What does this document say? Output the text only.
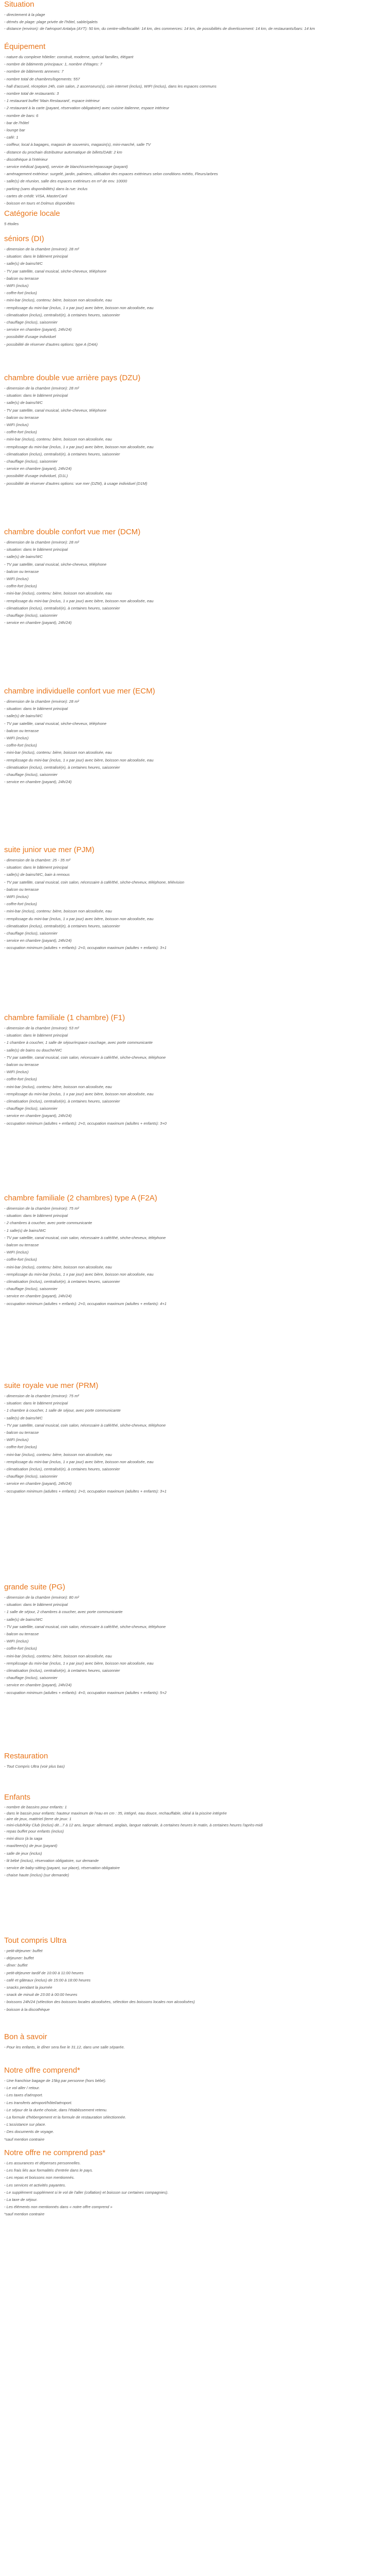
Situation
- directement à la plage
- démés de plage: plage privée de l'hôtel, sable/galets
- distance (environ): de l'aéroport Antalya (AYT): 50 km, du centre-ville/localité: 14 km, des commerces: 14 km, de possibilités de divertissement: 14 km, de restaurants/bars: 14 km
Équipement
- nature du complexe hôtelier: construit, moderne, spécial familles, élégant
- nombre de bâtiments principaux: 1, nombre d'étages: 7
- nombre de bâtiments annexes: 7
- nombre total de chambres/logements: 557
- hall d'accueil, réception 24h, coin salon, 2 ascenseurs(s), coin internet (inclus), WIFI (inclus), dans les espaces communs
- nombre total de restaurants: 3
- 1 restaurant buffet 'Main Restaurant', espace intérieur
- 2 restaurant à la carte (payant, réservation obligatoire) avec cuisine italienne, espace intérieur
- nombre de bars: 6
- bar de l'hôtel
- lounge bar
- café: 1
- coiffeur, local à bagages, magasin de souvenirs, magasin(s), mini-marché, salle TV
- distance du prochain distributeur automatique de billets/DAB: 2 km
- discothèque à l'intérieur
- service médical (payant), service de blanchisserie/repassage (payant)
- aménagement extérieur: surgelé, jardin, palmiers, utilisation des espaces extérieurs selon conditions météo, Fleurs/arbres
- salle(s) de réunion, salle des espaces extérieurs en m² de env. 10000
- parking (sans disponibilités) dans la rue: inclus
- cartes de crédit: VISA, MasterCard
- boisson en tours et Dolmus disponibles
Catégorie locale
5 étoiles
séniors (DI)
- dimension de la chambre (environ): 28 m²
- situation: dans le bâtiment principal
- salle(s) de bains/WC
- TV par satellite, canal musical, sèche-cheveux, téléphone
- balcon ou terrasse
- WIFI (inclus)
- coffre-fort (inclus)
- mini-bar (inclus), contenu: bière, boisson non alcoolisée, eau
- remplissage du mini-bar (inclus, 1 x par jour) avec bière, boisson non alcoolisée, eau
- climatisation (inclus), centralisé(e), à certaines heures, saisonnier
- chauffage (inclus), saisonnier
- service en chambre (payant), 24h/24)
- possibilité d'usage individuel
- possibilité de réserver d'autres options: type A (D4A)
chambre double vue arrière pays (DZU)
- dimension de la chambre (environ): 28 m²
- situation: dans le bâtiment principal
- salle(s) de bains/WC
- TV par satellite, canal musical, sèche-cheveux, téléphone
- balcon ou terrasse
- WIFI (inclus)
- coffre-fort (inclus)
- mini-bar (inclus), contenu: bière, boisson non alcoolisée, eau
- remplissage du mini-bar (inclus, 1 x par jour) avec bière, boisson non alcoolisée, eau
- climatisation (inclus), centralisé(e), à certaines heures, saisonnier
- chauffage (inclus), saisonnier
- service en chambre (payant), 24h/24)
- possibilité d'usage individuel, (D1L)
- possibilité de réserver d'autres options: vue mer (DZM), à usage individuel (D1M)
chambre double confort vue mer (DCM)
- dimension de la chambre (environ): 28 m²
- situation: dans le bâtiment principal
- salle(s) de bains/WC
- TV par satellite, canal musical, sèche-cheveux, téléphone
- balcon ou terrasse
- WIFI (inclus)
- coffre-fort (inclus)
- mini-bar (inclus), contenu: bière, boisson non alcoolisée, eau
- remplissage du mini-bar (inclus, 1 x par jour) avec bière, boisson non alcoolisée, eau
- climatisation (inclus), centralisé(e), à certaines heures, saisonnier
- chauffage (inclus), saisonnier
- service en chambre (payant), 24h/24)
chambre individuelle confort vue mer (ECM)
- dimension de la chambre (environ): 28 m²
- situation: dans le bâtiment principal
- salle(s) de bains/WC
- TV par satellite, canal musical, sèche-cheveux, téléphone
- balcon ou terrasse
- WIFI (inclus)
- coffre-fort (inclus)
- mini-bar (inclus), contenu: bière, boisson non alcoolisée, eau
- remplissage du mini-bar (inclus, 1 x par jour) avec bière, boisson non alcoolisée, eau
- climatisation (inclus), centralisé(e), à certaines heures, saisonnier
- chauffage (inclus), saisonnier
- service en chambre (payant), 24h/24)
suite junior vue mer (PJM)
- dimension de la chambre: 25 - 35 m²
- situation: dans le bâtiment principal
- salle(s) de bains/WC, bain à remous
- TV par satellite, canal musical, coin salon, nécessaire à café/thé, sèche-cheveux, téléphone, télévision
- balcon ou terrasse
- WIFI (inclus)
- coffre-fort (inclus)
- mini-bar (inclus), contenu: bière, boisson non alcoolisée, eau
- remplissage du mini-bar (inclus, 1 x par jour) avec bière, boisson non alcoolisée, eau
- climatisation (inclus), centralisé(e), à certaines heures, saisonnier
- chauffage (inclus), saisonnier
- service en chambre (payant), 24h/24)
- occupation minimum (adultes + enfants): 2+0, occupation maximum (adultes + enfants): 3+1
chambre familiale (1 chambre) (F1)
- dimension de la chambre (environ): 53 m²
- situation: dans le bâtiment principal
- 1 chambre à coucher, 1 salle de séjour/espace couchage, avec porte communicante
- salle(s) de bains ou douche/WC
- TV par satellite, canal musical, coin salon, nécessaire à café/thé, sèche-cheveux, téléphone
- balcon ou terrasse
- WIFI (inclus)
- coffre-fort (inclus)
- mini-bar (inclus), contenu: bière, boisson non alcoolisée, eau
- remplissage du mini-bar (inclus, 1 x par jour) avec bière, boisson non alcoolisée, eau
- climatisation (inclus), centralisé(e), à certaines heures, saisonnier
- chauffage (inclus), saisonnier
- service en chambre (payant), 24h/24)
- occupation minimum (adultes + enfants): 2+0, occupation maximum (adultes + enfants): 3+0
chambre familiale (2 chambres) type A (F2A)
- dimension de la chambre (environ): 75 m²
- situation: dans le bâtiment principal
- 2 chambres à coucher, avec porte communicante
- 1 salle(s) de bains/WC
- TV par satellite, canal musical, coin salon, nécessaire à café/thé, sèche-cheveux, téléphone
- balcon ou terrasse
- WIFI (inclus)
- coffre-fort (inclus)
- mini-bar (inclus), contenu: bière, boisson non alcoolisée, eau
- remplissage du mini-bar (inclus, 1 x par jour) avec bière, boisson non alcoolisée, eau
- climatisation (inclus), centralisé(e), à certaines heures, saisonnier
- chauffage (inclus), saisonnier
- service en chambre (payant), 24h/24)
- occupation minimum (adultes + enfants): 2+0, occupation maximum (adultes + enfants): 4+1
suite royale vue mer (PRM)
- dimension de la chambre (environ): 75 m²
- situation: dans le bâtiment principal
- 1 chambre à coucher, 1 salle de séjour, avec porte communicante
- salle(s) de bains/WC
- TV par satellite, canal musical, coin salon, nécessaire à café/thé, sèche-cheveux, téléphone
- balcon ou terrasse
- WIFI (inclus)
- coffre-fort (inclus)
- mini-bar (inclus), contenu: bière, boisson non alcoolisée, eau
- remplissage du mini-bar (inclus, 1 x par jour) avec bière, boisson non alcoolisée, eau
- climatisation (inclus), centralisé(e), à certaines heures, saisonnier
- chauffage (inclus), saisonnier
- service en chambre (payant), 24h/24)
- occupation minimum (adultes + enfants): 2+0, occupation maximum (adultes + enfants): 3+1
grande suite (PG)
- dimension de la chambre (environ): 80 m²
- situation: dans le bâtiment principal
- 1 salle de séjour, 2 chambres à coucher, avec porte communicante
- salle(s) de bains/WC
- TV par satellite, canal musical, coin salon, nécessaire à café/thé, sèche-cheveux, téléphone
- balcon ou terrasse
- WIFI (inclus)
- coffre-fort (inclus)
- mini-bar (inclus), contenu: bière, boisson non alcoolisée, eau
- remplissage du mini-bar (inclus, 1 x par jour) avec bière, boisson non alcoolisée, eau
- climatisation (inclus), centralisé(e), à certaines heures, saisonnier
- chauffage (inclus), saisonnier
- service en chambre (payant), 24h/24)
- occupation minimum (adultes + enfants): 4+0, occupation maximum (adultes + enfants): 5+2
Restauration
- Tout Compris Ultra (voir plus bas)
Enfants
- nombre de bassins pour enfants: 1
- dans le bassin pour enfants: hauteur maximum de l'eau en cm : 35, intégré, eau douce, rechauffable, idéal à la piscine intégrée
- aire de jeux, matériel (terre de jeux: 1
- mini-club/Kiky Club (inclus) dè...7 à 12 ans, langue: allemand, anglais, langue nationale, à certaines heures le matin, à certaines heures l'après-midi
- repas buffet pour enfants (inclus)
- mini disco (à la saga
- maxi/teen(s) de jeux (payant)
- salle de jeux (inclus)
- lit bébé (inclus), réservation obligatoire, sur demande
- service de baby-sitting (payant, sur place), réservation obligatoire
- chaise haute (inclus) (sur demande)
Tout compris Ultra
- petit-déjeuner: buffet
- déjeuner: buffet
- dîner: buffet
- petit-déjeuner tardif de 10:00 à 11:00 heures
- café et gâteaux (inclus) de 15:00 à 18:00 heures
- snacks pendant la journée
- snack de minuit de 23:00 à 00:00 heures
- boissons 24h/24 (sélection des boissons locales alcoolisées, sélection des boissons locales non alcoolisées)
- boisson à la discothèque
Bon à savoir
- Pour les enfants, le dîner sera fixe le 31.12, dans une salle séparée.
Notre offre comprend*
- Une franchise bagage de 15kg par personne (hors bébé).
- Le vol aller / retour.
- Les taxes d'aéroport.
- Les transferts aéroport/hôtel/aéroport.
- Le séjour de la durée choisie, dans l'établissement retenu.
- La formule d'hébergement et la formule de restauration sélectionnée.
- L'assistance sur place.
- Des documents de voyage.
*sauf mention contraire
Notre offre ne comprend pas*
- Les assurances et dépenses personnelles.
- Les frais liés aux formalités d'entrée dans le pays.
- Les repas et boissons non mentionnés.
- Les services et activités payantes.
- Le supplément supplément si le vol de l'aller (collation) et boisson sur certaines compagnies).
- La taxe de séjour.
- Les éléments non mentionnés dans « notre offre comprend »
*sauf mention contraire
